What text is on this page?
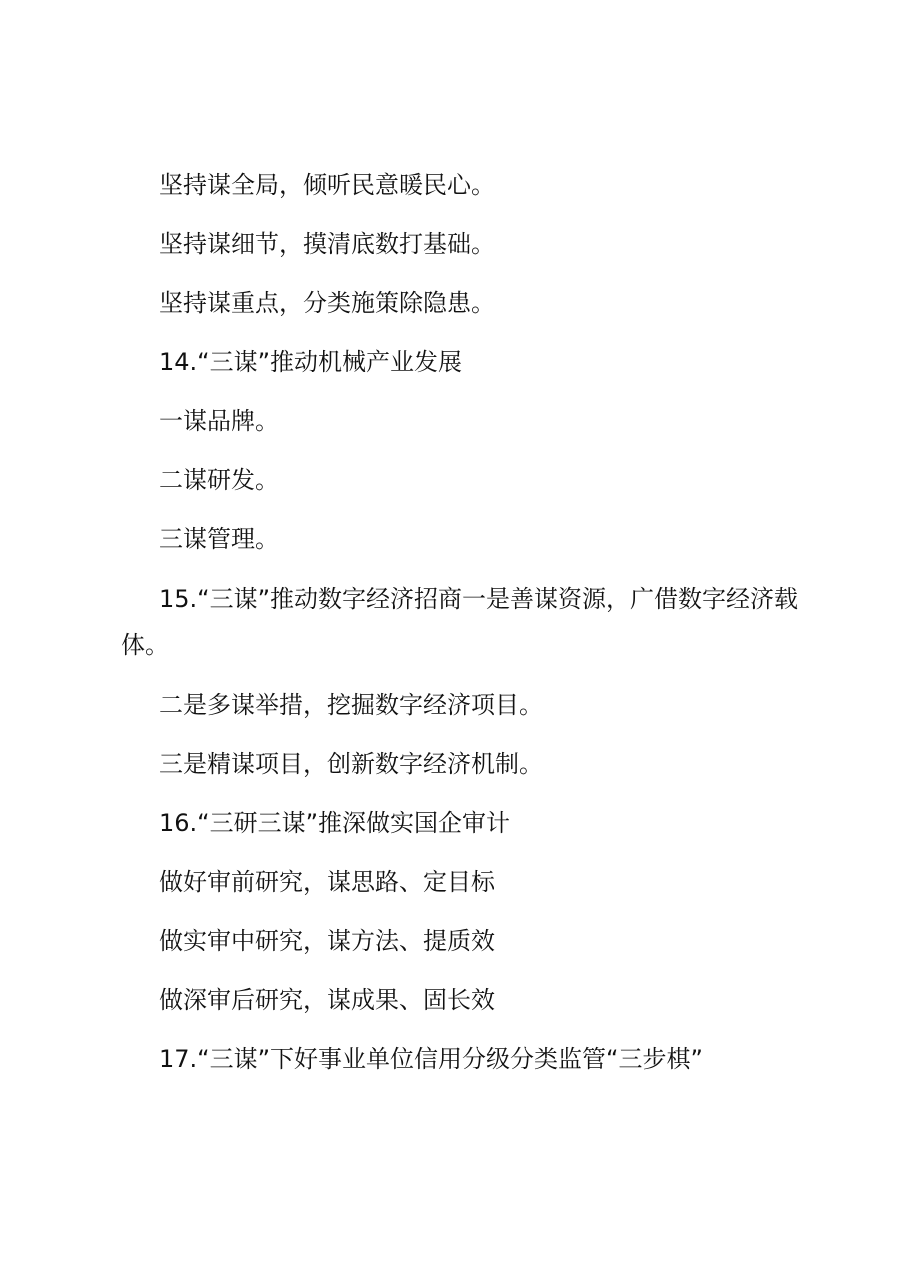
坚持谋全局，倾听民意暖民心。

坚持谋细节，摸清底数打基础。

坚持谋重点，分类施策除隐患。

14.“三谋”推动机械产业发展

一谋品牌。

二谋研发。

三谋管理。

15.“三谋”推动数字经济招商一是善谋资源，广借数字经济载体。

二是多谋举措，挖掘数字经济项目。

三是精谋项目，创新数字经济机制。

16.“三研三谋”推深做实国企审计

做好审前研究，谋思路、定目标

做实审中研究，谋方法、提质效

做深审后研究，谋成果、固长效

17.“三谋”下好事业单位信用分级分类监管“三步棋”
